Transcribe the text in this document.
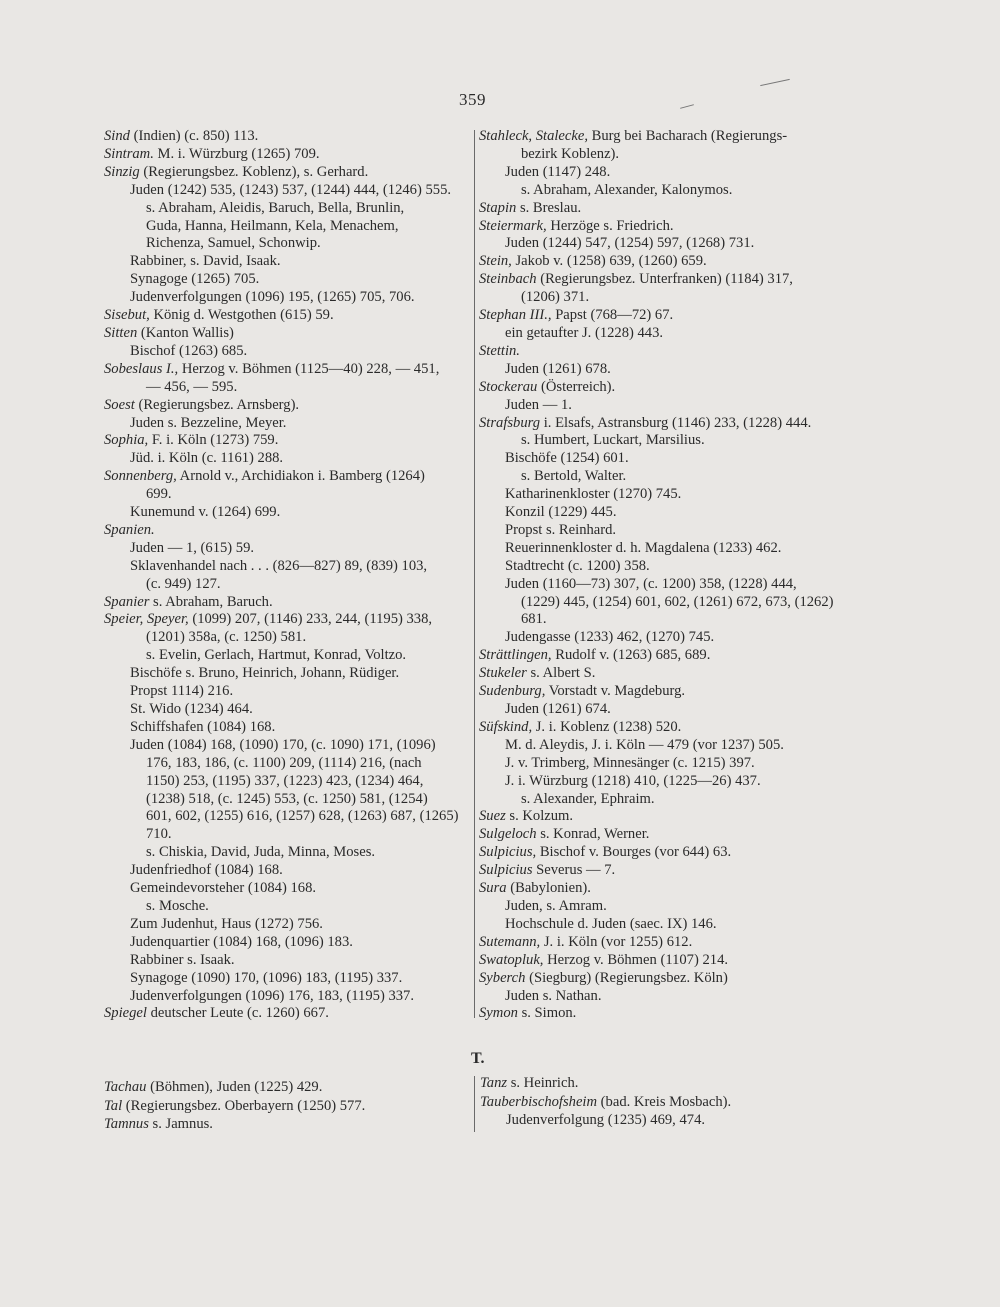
359
Sind (Indien) (c. 850) 113.
Sintram. M. i. Würzburg (1265) 709.
Sinzig (Regierungsbez. Koblenz), s. Gerhard.
Juden (1242) 535, (1243) 537, (1244) 444, (1246) 555.
s. Abraham, Aleidis, Baruch, Bella, Brunlin,
Guda, Hanna, Heilmann, Kela, Menachem,
Richenza, Samuel, Schonwip.
Rabbiner, s. David, Isaak.
Synagoge (1265) 705.
Judenverfolgungen (1096) 195, (1265) 705, 706.
Sisebut, König d. Westgothen (615) 59.
Sitten (Kanton Wallis)
Bischof (1263) 685.
Sobeslaus I., Herzog v. Böhmen (1125—40) 228, — 451,
— 456, — 595.
Soest (Regierungsbez. Arnsberg).
Juden s. Bezzeline, Meyer.
Sophia, F. i. Köln (1273) 759.
Jüd. i. Köln (c. 1161) 288.
Sonnenberg, Arnold v., Archidiakon i. Bamberg (1264)
699.
Kunemund v. (1264) 699.
Spanien.
Juden — 1, (615) 59.
Sklavenhandel nach . . . (826—827) 89, (839) 103,
(c. 949) 127.
Spanier s. Abraham, Baruch.
Speier, Speyer, (1099) 207, (1146) 233, 244, (1195) 338,
(1201) 358a, (c. 1250) 581.
s. Evelin, Gerlach, Hartmut, Konrad, Voltzo.
Bischöfe s. Bruno, Heinrich, Johann, Rüdiger.
Propst 1114) 216.
St. Wido (1234) 464.
Schiffshafen (1084) 168.
Juden (1084) 168, (1090) 170, (c. 1090) 171, (1096)
176, 183, 186, (c. 1100) 209, (1114) 216, (nach
1150) 253, (1195) 337, (1223) 423, (1234) 464,
(1238) 518, (c. 1245) 553, (c. 1250) 581, (1254)
601, 602, (1255) 616, (1257) 628, (1263) 687, (1265)
710.
s. Chiskia, David, Juda, Minna, Moses.
Judenfriedhof (1084) 168.
Gemeindevorsteher (1084) 168.
s. Mosche.
Zum Judenhut, Haus (1272) 756.
Judenquartier (1084) 168, (1096) 183.
Rabbiner s. Isaak.
Synagoge (1090) 170, (1096) 183, (1195) 337.
Judenverfolgungen (1096) 176, 183, (1195) 337.
Spiegel deutscher Leute (c. 1260) 667.
Stahleck, Stalecke, Burg bei Bacharach (Regierungs-
bezirk Koblenz).
Juden (1147) 248.
s. Abraham, Alexander, Kalonymos.
Stapin s. Breslau.
Steiermark, Herzöge s. Friedrich.
Juden (1244) 547, (1254) 597, (1268) 731.
Stein, Jakob v. (1258) 639, (1260) 659.
Steinbach (Regierungsbez. Unterfranken) (1184) 317,
(1206) 371.
Stephan III., Papst (768—72) 67.
ein getaufter J. (1228) 443.
Stettin.
Juden (1261) 678.
Stockerau (Österreich).
Juden — 1.
Strafsburg i. Elsafs, Astransburg (1146) 233, (1228) 444.
s. Humbert, Luckart, Marsilius.
Bischöfe (1254) 601.
s. Bertold, Walter.
Katharinenkloster (1270) 745.
Konzil (1229) 445.
Propst s. Reinhard.
Reuerinnenkloster d. h. Magdalena (1233) 462.
Stadtrecht (c. 1200) 358.
Juden (1160—73) 307, (c. 1200) 358, (1228) 444,
(1229) 445, (1254) 601, 602, (1261) 672, 673, (1262)
681.
Judengasse (1233) 462, (1270) 745.
Strättlingen, Rudolf v. (1263) 685, 689.
Stukeler s. Albert S.
Sudenburg, Vorstadt v. Magdeburg.
Juden (1261) 674.
Süfskind, J. i. Koblenz (1238) 520.
M. d. Aleydis, J. i. Köln — 479 (vor 1237) 505.
J. v. Trimberg, Minnesänger (c. 1215) 397.
J. i. Würzburg (1218) 410, (1225—26) 437.
s. Alexander, Ephraim.
Suez s. Kolzum.
Sulgeloch s. Konrad, Werner.
Sulpicius, Bischof v. Bourges (vor 644) 63.
Sulpicius Severus — 7.
Sura (Babylonien).
Juden, s. Amram.
Hochschule d. Juden (saec. IX) 146.
Sutemann, J. i. Köln (vor 1255) 612.
Swatopluk, Herzog v. Böhmen (1107) 214.
Syberch (Siegburg) (Regierungsbez. Köln)
Juden s. Nathan.
Symon s. Simon.
T.
Tachau (Böhmen), Juden (1225) 429.
Tal (Regierungsbez. Oberbayern (1250) 577.
Tamnus s. Jamnus.
Tanz s. Heinrich.
Tauberbischofsheim (bad. Kreis Mosbach).
Judenverfolgung (1235) 469, 474.
